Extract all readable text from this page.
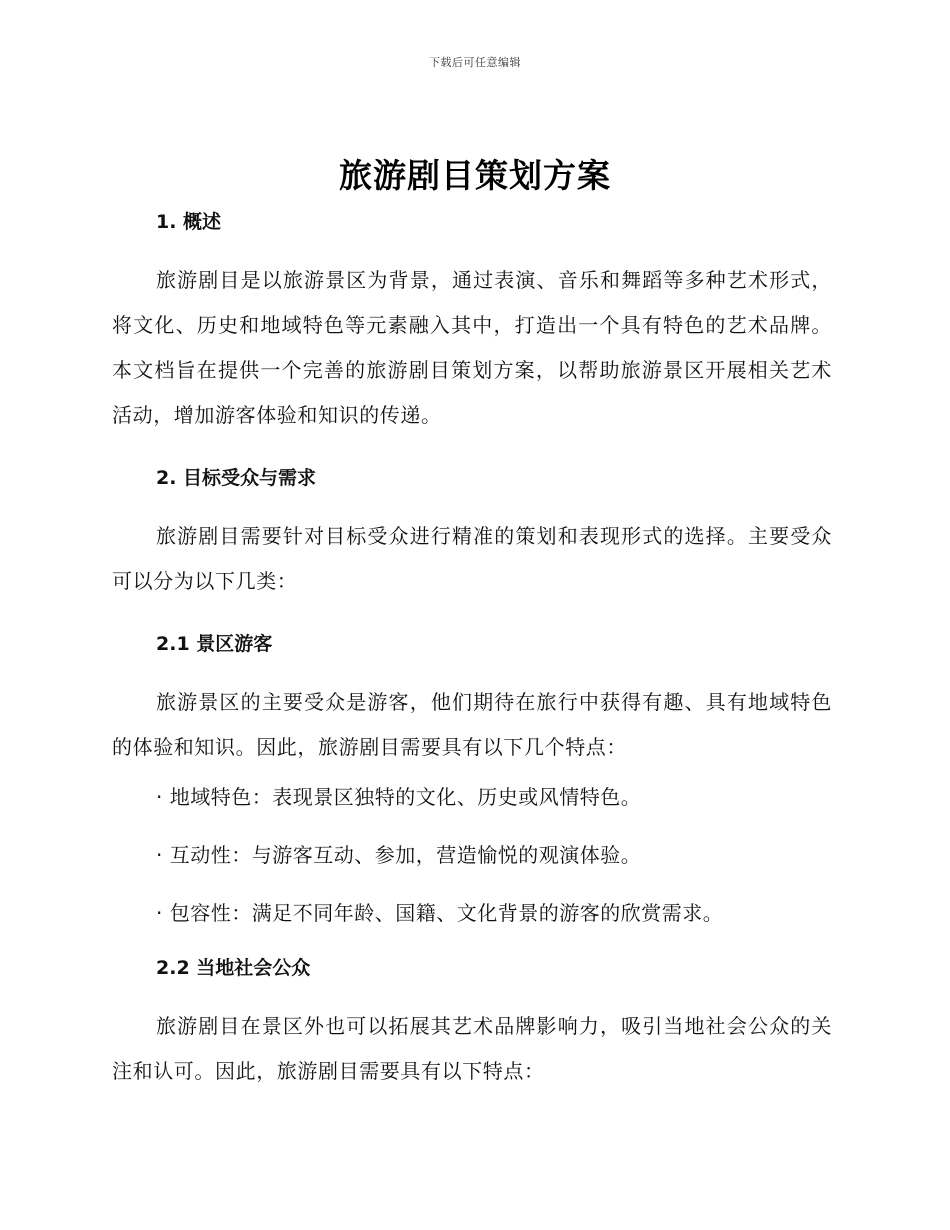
下载后可任意编辑
旅游剧目策划方案
1. 概述
旅游剧目是以旅游景区为背景，通过表演、音乐和舞蹈等多种艺术形式，将文化、历史和地域特色等元素融入其中，打造出一个具有特色的艺术品牌。本文档旨在提供一个完善的旅游剧目策划方案，以帮助旅游景区开展相关艺术活动，增加游客体验和知识的传递。
2. 目标受众与需求
旅游剧目需要针对目标受众进行精准的策划和表现形式的选择。主要受众可以分为以下几类：
2.1 景区游客
旅游景区的主要受众是游客，他们期待在旅行中获得有趣、具有地域特色的体验和知识。因此，旅游剧目需要具有以下几个特点：
· 地域特色：表现景区独特的文化、历史或风情特色。
· 互动性：与游客互动、参加，营造愉悦的观演体验。
· 包容性：满足不同年龄、国籍、文化背景的游客的欣赏需求。
2.2 当地社会公众
旅游剧目在景区外也可以拓展其艺术品牌影响力，吸引当地社会公众的关注和认可。因此，旅游剧目需要具有以下特点：
